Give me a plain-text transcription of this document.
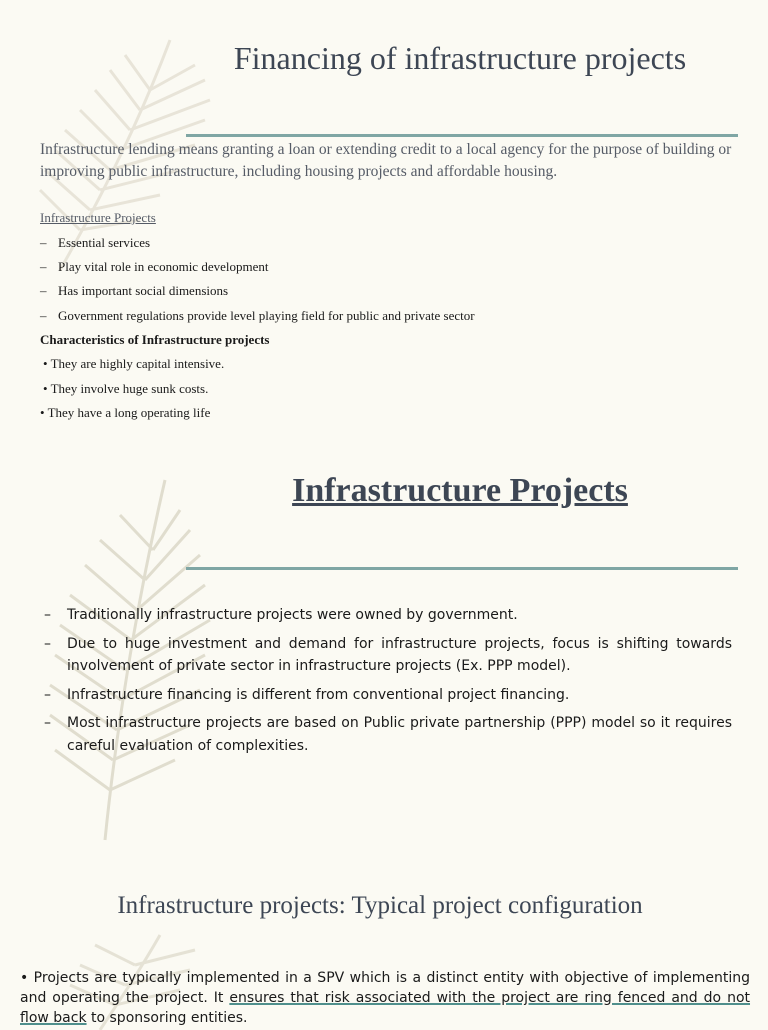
Financing of infrastructure projects
Infrastructure lending means granting a loan or extending credit to a local agency for the purpose of building or improving public infrastructure, including housing projects and affordable housing.
Infrastructure Projects
– Essential services
– Play vital role in economic development
– Has important social dimensions
– Government regulations provide level playing field for public and private sector
Characteristics of Infrastructure projects
• They are highly capital intensive.
• They involve huge sunk costs.
• They have a long operating life
Infrastructure Projects
– Traditionally infrastructure projects were owned by government.
– Due to huge investment and demand for infrastructure projects, focus is shifting towards involvement of private sector in infrastructure projects (Ex. PPP model).
– Infrastructure financing is different from conventional project financing.
– Most infrastructure projects are based on Public private partnership (PPP) model so it requires careful evaluation of complexities.
Infrastructure projects: Typical project configuration
• Projects are typically implemented in a SPV which is a distinct entity with objective of implementing and operating the project. It ensures that risk associated with the project are ring fenced and do not flow back to sponsoring entities.
